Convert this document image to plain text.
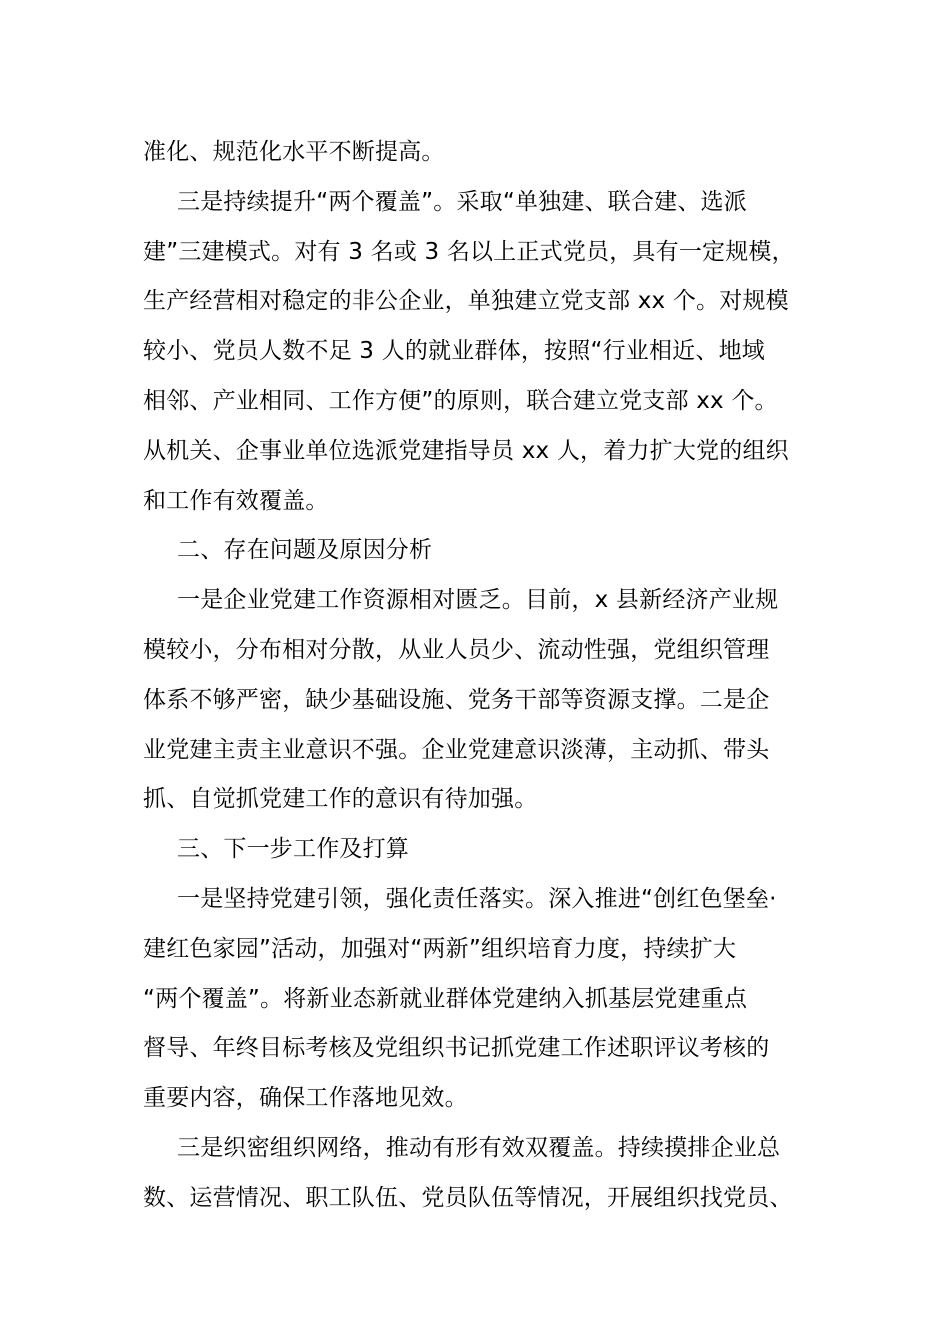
准化、规范化水平不断提高。
三是持续提升“两个覆盖”。采取“单独建、联合建、选派
建”三建模式。对有 3 名或 3 名以上正式党员，具有一定规模，
生产经营相对稳定的非公企业，单独建立党支部 xx 个。对规模
较小、党员人数不足 3 人的就业群体，按照“行业相近、地域
相邻、产业相同、工作方便”的原则，联合建立党支部 xx 个。
从机关、企事业单位选派党建指导员 xx 人，着力扩大党的组织
和工作有效覆盖。
二、存在问题及原因分析
一是企业党建工作资源相对匮乏。目前，x 县新经济产业规
模较小，分布相对分散，从业人员少、流动性强，党组织管理
体系不够严密，缺少基础设施、党务干部等资源支撑。二是企
业党建主责主业意识不强。企业党建意识淡薄，主动抓、带头
抓、自觉抓党建工作的意识有待加强。
三、下一步工作及打算
一是坚持党建引领，强化责任落实。深入推进“创红色堡垒·
建红色家园”活动，加强对“两新”组织培育力度，持续扩大
“两个覆盖”。将新业态新就业群体党建纳入抓基层党建重点
督导、年终目标考核及党组织书记抓党建工作述职评议考核的
重要内容，确保工作落地见效。
三是织密组织网络，推动有形有效双覆盖。持续摸排企业总
数、运营情况、职工队伍、党员队伍等情况，开展组织找党员、
